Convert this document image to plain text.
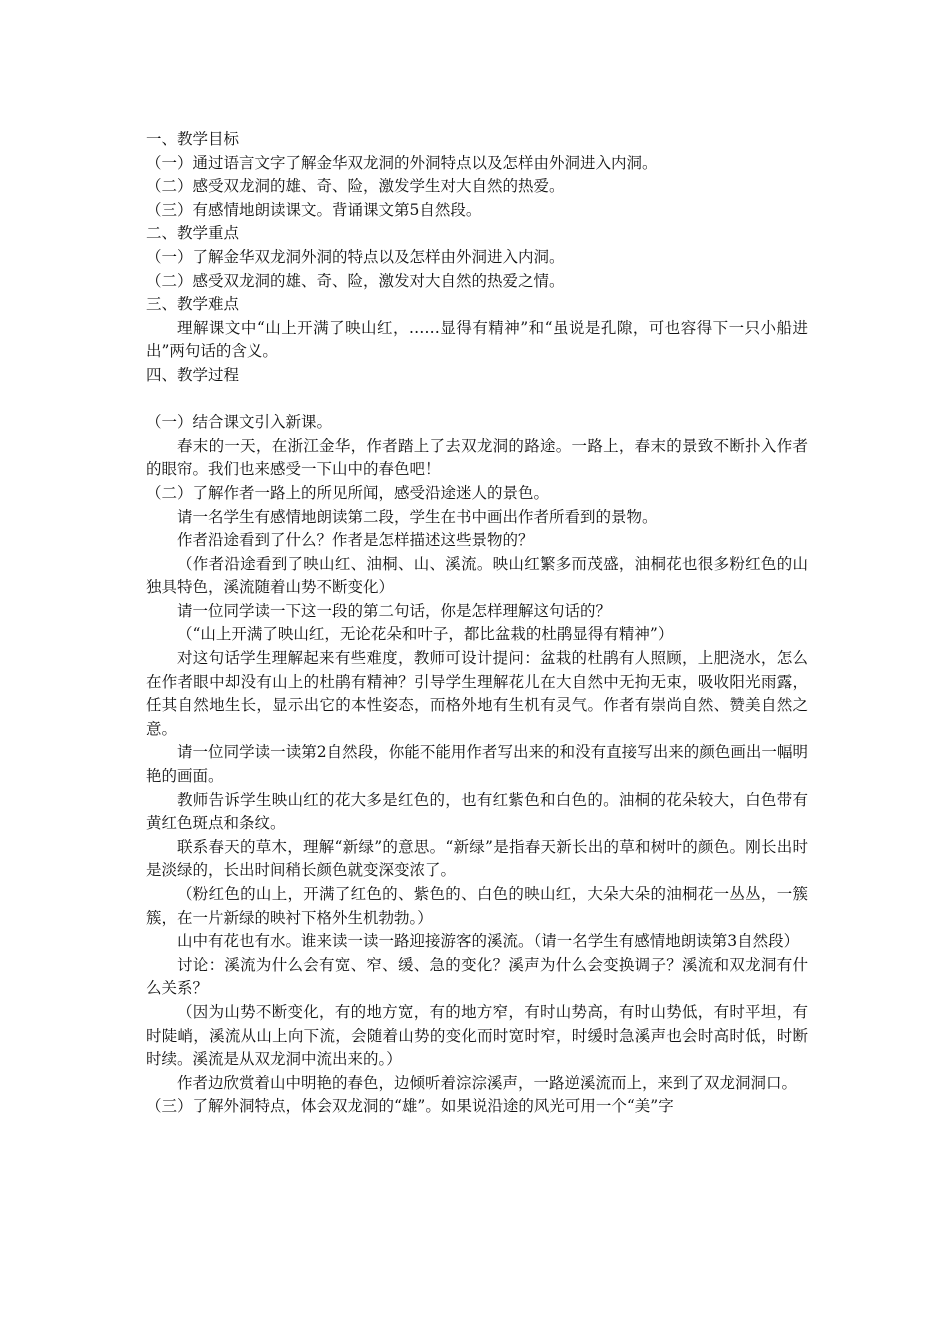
一、教学目标
（一）通过语言文字了解金华双龙洞的外洞特点以及怎样由外洞进入内洞。
（二）感受双龙洞的雄、奇、险，激发学生对大自然的热爱。
（三）有感情地朗读课文。背诵课文第5自然段。
二、教学重点
（一）了解金华双龙洞外洞的特点以及怎样由外洞进入内洞。
（二）感受双龙洞的雄、奇、险，激发对大自然的热爱之情。
三、教学难点
理解课文中“山上开满了映山红，……显得有精神”和“虽说是孔隙，可也容得下一只小船进出”两句话的含义。
四、教学过程
（一）结合课文引入新课。
春末的一天，在浙江金华，作者踏上了去双龙洞的路途。一路上，春末的景致不断扑入作者的眼帘。我们也来感受一下山中的春色吧！
（二）了解作者一路上的所见所闻，感受沿途迷人的景色。
请一名学生有感情地朗读第二段，学生在书中画出作者所看到的景物。
作者沿途看到了什么？作者是怎样描述这些景物的？
（作者沿途看到了映山红、油桐、山、溪流。映山红繁多而茂盛，油桐花也很多粉红色的山独具特色，溪流随着山势不断变化）
请一位同学读一下这一段的第二句话，你是怎样理解这句话的？
（“山上开满了映山红，无论花朵和叶子，都比盆栽的杜鹃显得有精神”）
对这句话学生理解起来有些难度，教师可设计提问：盆栽的杜鹃有人照顾，上肥浇水，怎么在作者眼中却没有山上的杜鹃有精神？引导学生理解花儿在大自然中无拘无束，吸收阳光雨露，任其自然地生长，显示出它的本性姿态，而格外地有生机有灵气。作者有崇尚自然、赞美自然之意。
请一位同学读一读第2自然段，你能不能用作者写出来的和没有直接写出来的颜色画出一幅明艳的画面。
教师告诉学生映山红的花大多是红色的，也有红紫色和白色的。油桐的花朵较大，白色带有黄红色斑点和条纹。
联系春天的草木，理解“新绿”的意思。“新绿”是指春天新长出的草和树叶的颜色。刚长出时是淡绿的，长出时间稍长颜色就变深变浓了。
（粉红色的山上，开满了红色的、紫色的、白色的映山红，大朵大朵的油桐花一丛丛，一簇簇，在一片新绿的映衬下格外生机勃勃。）
山中有花也有水。谁来读一读一路迎接游客的溪流。（请一名学生有感情地朗读第3自然段）
讨论：溪流为什么会有宽、窄、缓、急的变化？溪声为什么会变换调子？溪流和双龙洞有什么关系？
（因为山势不断变化，有的地方宽，有的地方窄，有时山势高，有时山势低，有时平坦，有时陡峭，溪流从山上向下流，会随着山势的变化而时宽时窄，时缓时急溪声也会时高时低，时断时续。溪流是从双龙洞中流出来的。）
作者边欣赏着山中明艳的春色，边倾听着淙淙溪声，一路逆溪流而上，来到了双龙洞洞口。
（三）了解外洞特点，体会双龙洞的“雄”。如果说沿途的风光可用一个“美”字
